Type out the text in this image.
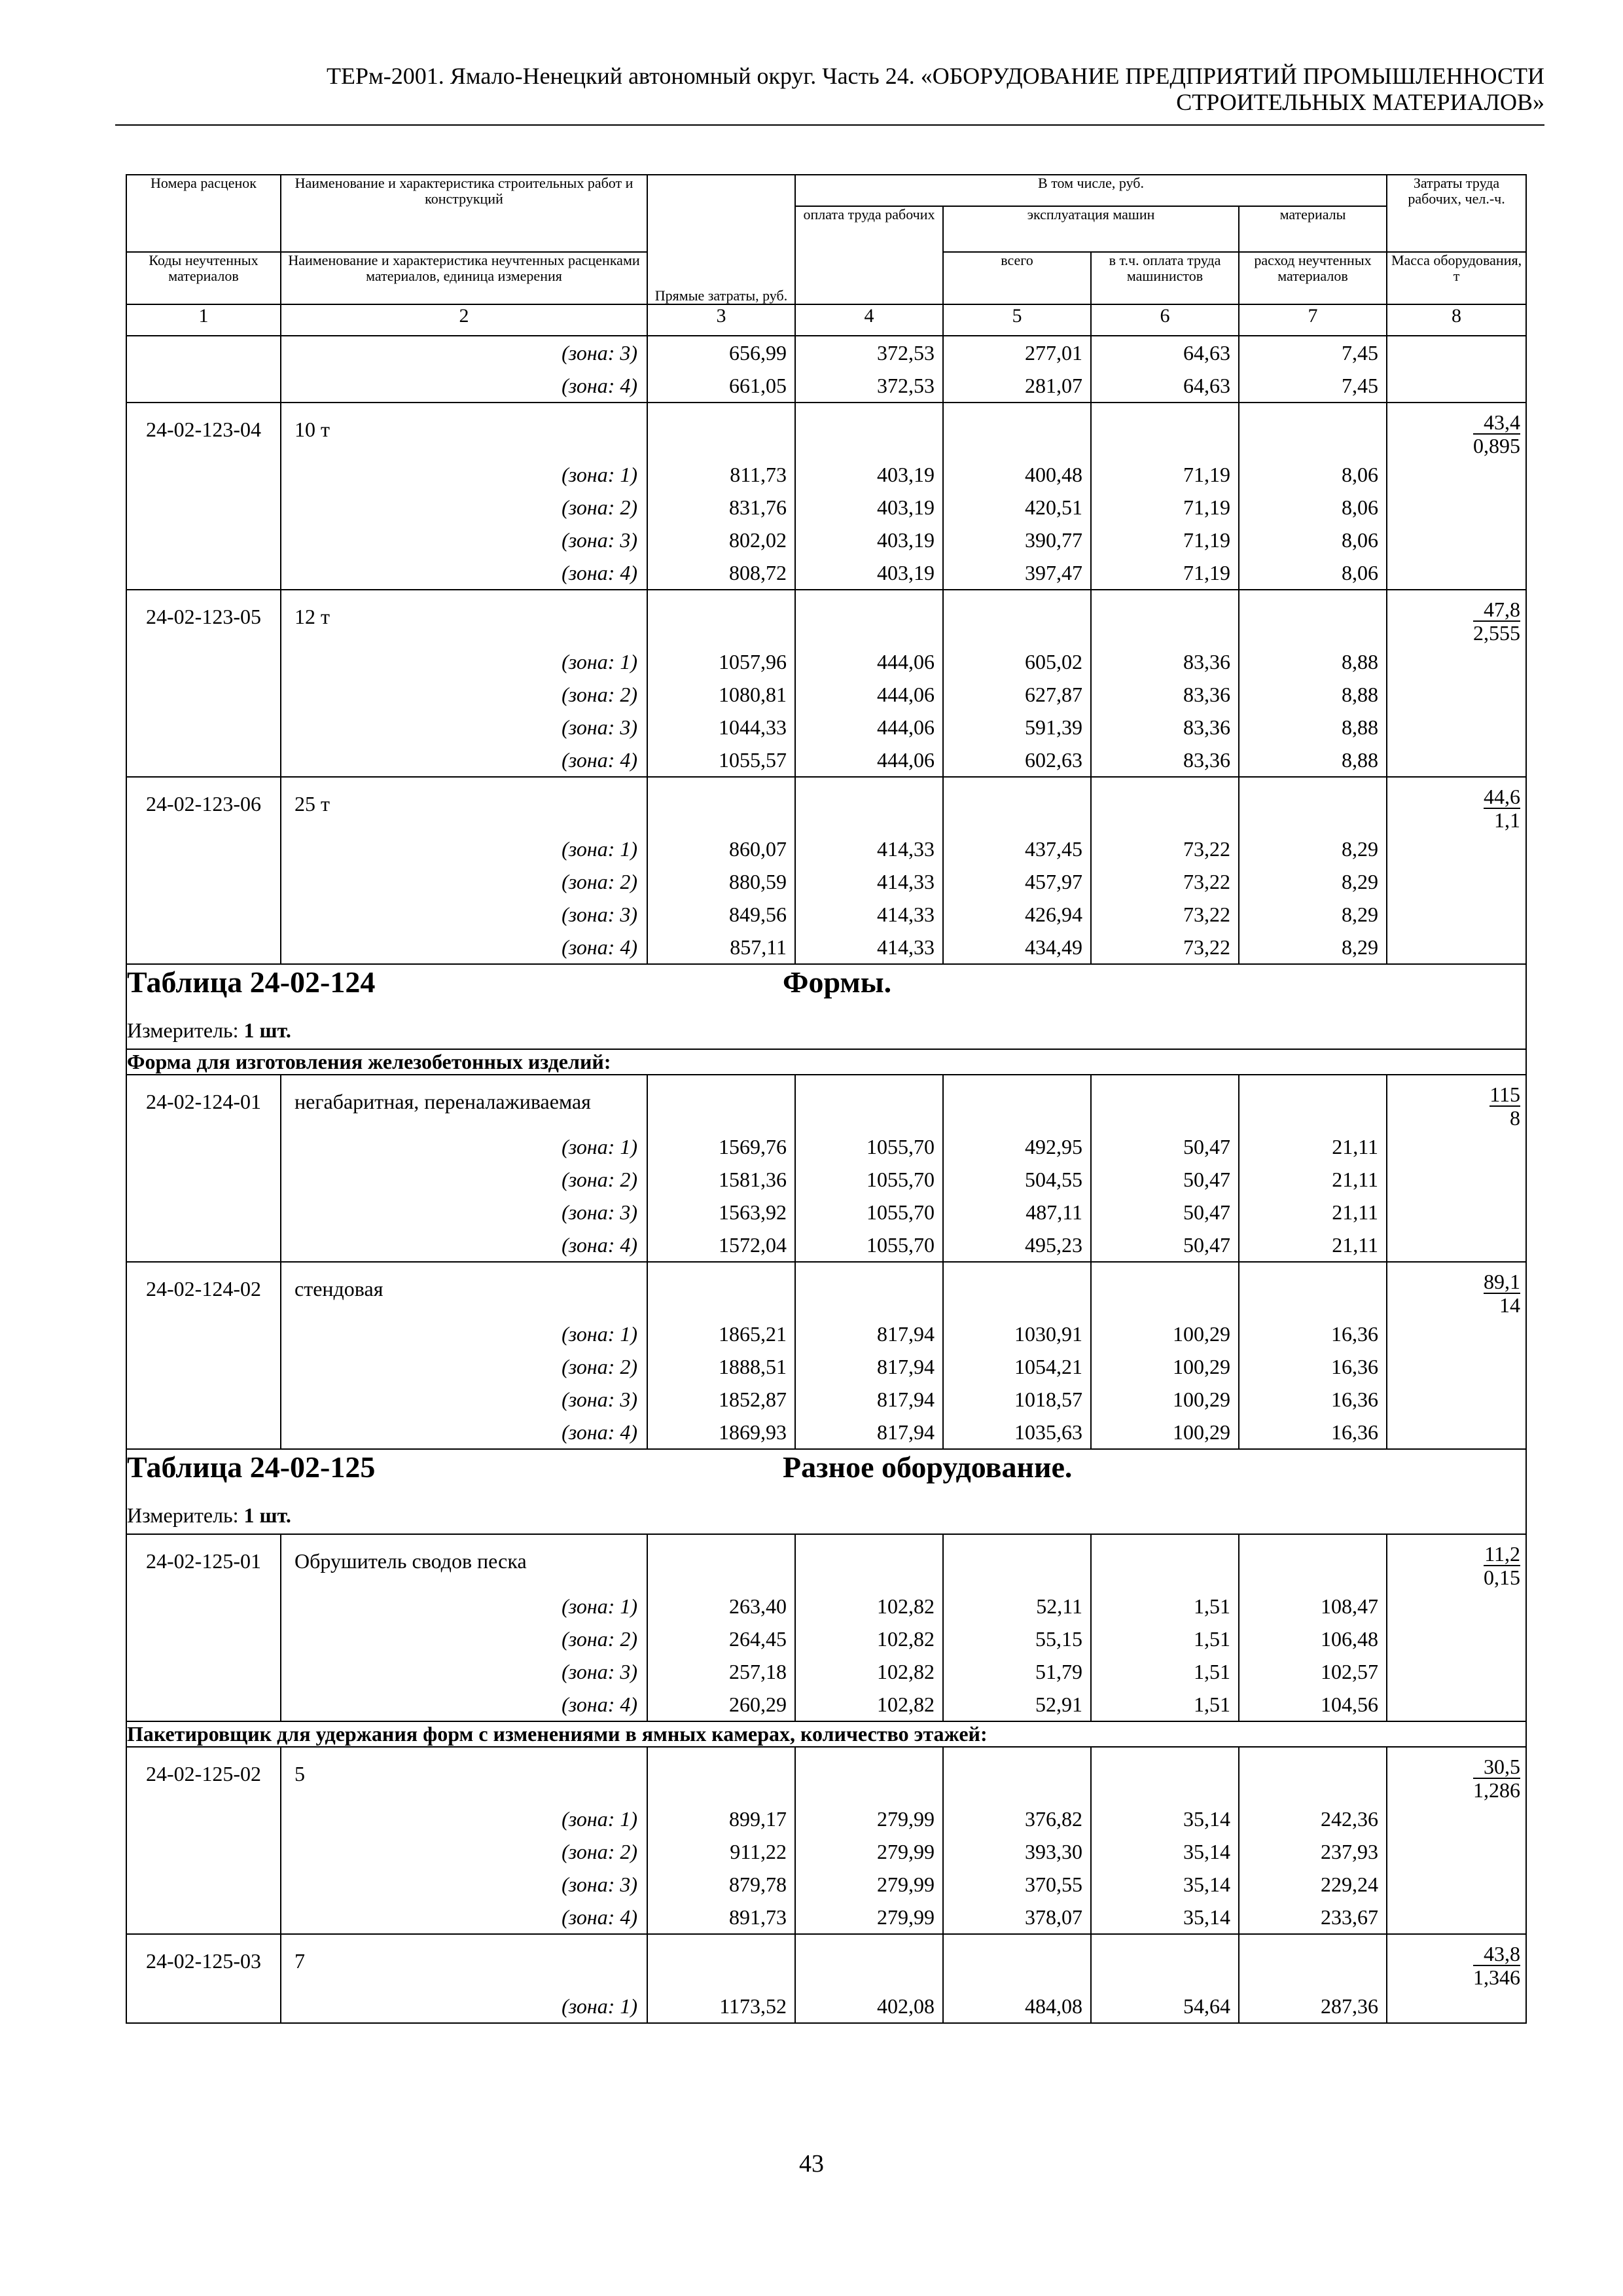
ТЕРм-2001. Ямало-Ненецкий автономный округ. Часть 24. «ОБОРУДОВАНИЕ ПРЕДПРИЯТИЙ ПРОМЫШЛЕННОСТИ
СТРОИТЕЛЬНЫХ МАТЕРИАЛОВ»
Номера расценок	Наименование и характеристика строительных работ и конструкций	Прямые затраты, руб.	В том числе, руб.				Затраты труда рабочих, чел.-ч.
			оплата труда рабочих	эксплуатация машин		материалы	
Коды неучтенных материалов	Наименование и характеристика неучтенных расценками материалов, единица измерения			всего	в т.ч. оплата труда машинистов	расход неучтенных материалов	Масса оборудования, т
1	2	3	4	5	6	7	8
	(зона: 3)	656,99	372,53	277,01	64,63	7,45	
	(зона: 4)	661,05	372,53	281,07	64,63	7,45	
24-02-123-04	10 т						$\frac{43,4}{0,895}$

	(зона: 1)	811,73	403,19	400,48	71,19	8,06	
	(зона: 2)	831,76	403,19	420,51	71,19	8,06	
	(зона: 3)	802,02	403,19	390,77	71,19	8,06	
	(зона: 4)	808,72	403,19	397,47	71,19	8,06	
24-02-123-05	12 т						$\frac{47,8}{2,555}$

	(зона: 1)	1057,96	444,06	605,02	83,36	8,88	
	(зона: 2)	1080,81	444,06	627,87	83,36	8,88	
	(зона: 3)	1044,33	444,06	591,39	83,36	8,88	
	(зона: 4)	1055,57	444,06	602,63	83,36	8,88	
24-02-123-06	25 т						$\frac{44,6}{1,1}$

	(зона: 1)	860,07	414,33	437,45	73,22	8,29	
	(зона: 2)	880,59	414,33	457,97	73,22	8,29	
	(зона: 3)	849,56	414,33	426,94	73,22	8,29	
	(зона: 4)	857,11	414,33	434,49	73,22	8,29	
Таблица 24-02-124 Формы.							

Измеритель: 1 шт.							
Форма для изготовления железобетонных изделий:							
24-02-124-01	негабаритная, переналаживаемая						$\frac{115}{8}$

	(зона: 1)	1569,76	1055,70	492,95	50,47	21,11	
	(зона: 2)	1581,36	1055,70	504,55	50,47	21,11	
	(зона: 3)	1563,92	1055,70	487,11	50,47	21,11	
	(зона: 4)	1572,04	1055,70	495,23	50,47	21,11	
24-02-124-02	стендовая						$\frac{89,1}{14}$

	(зона: 1)	1865,21	817,94	1030,91	100,29	16,36	
	(зона: 2)	1888,51	817,94	1054,21	100,29	16,36	
	(зона: 3)	1852,87	817,94	1018,57	100,29	16,36	
	(зона: 4)	1869,93	817,94	1035,63	100,29	16,36	
Таблица 24-02-125 Разное оборудование.							

Измеритель: 1 шт.							
24-02-125-01	Обрушитель сводов песка						$\frac{11,2}{0,15}$

	(зона: 1)	263,40	102,82	52,11	1,51	108,47	
	(зона: 2)	264,45	102,82	55,15	1,51	106,48	
	(зона: 3)	257,18	102,82	51,79	1,51	102,57	
	(зона: 4)	260,29	102,82	52,91	1,51	104,56	
Пакетировщик для удержания форм с изменениями в ямных камерах, количество этажей:							
24-02-125-02	5						$\frac{30,5}{1,286}$

	(зона: 1)	899,17	279,99	376,82	35,14	242,36	
	(зона: 2)	911,22	279,99	393,30	35,14	237,93	
	(зона: 3)	879,78	279,99	370,55	35,14	229,24	
	(зона: 4)	891,73	279,99	378,07	35,14	233,67	
24-02-125-03	7						$\frac{43,8}{1,346}$

	(зона: 1)	1173,52	402,08	484,08	54,64	287,36	
43
